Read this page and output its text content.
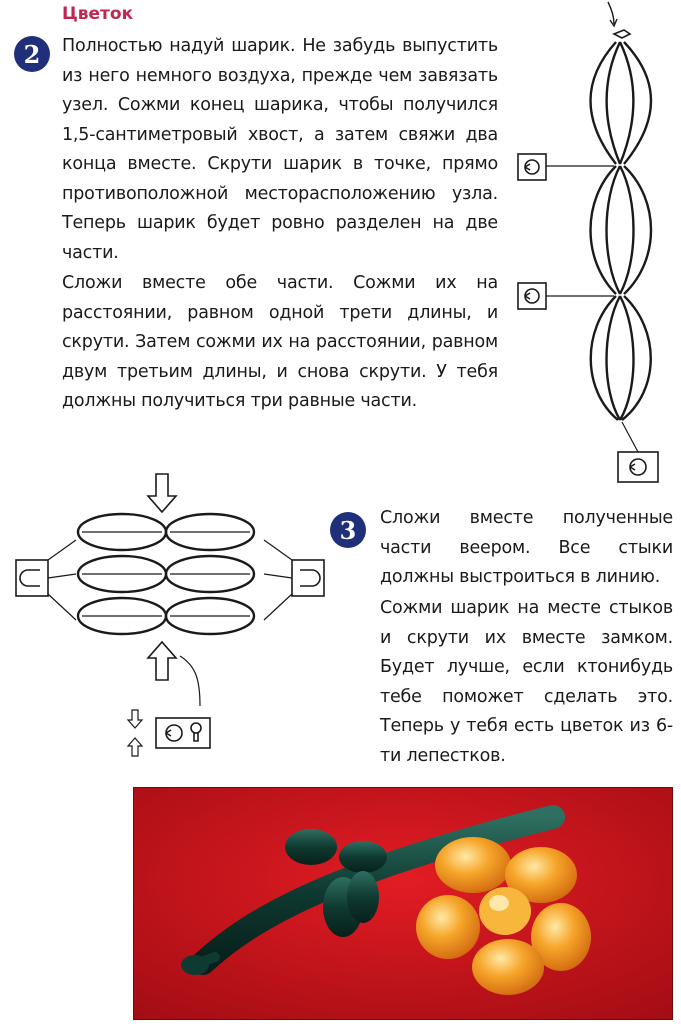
Цветок
2	Полностью надуй шарик. Не забудь выпустить из него немного воздуха, прежде чем завязать узел. Сожми конец шарика, чтобы получился 1,5-сантиметровый хвост, а затем свяжи два конца вместе. Скрути шарик в точке, прямо противоположной месторасположению узла. Теперь шарик будет ровно разделен на две части.

Сложи вместе обе части. Сожми их на расстоянии, равном одной трети длины, и скрути. Затем сожми их на расстоянии, равном двум третьим длины, и снова скрути. У тебя должны получиться три равные части.

3	Сложи вместе полученные части веером. Все стыки должны выстроиться в линию.

Сожми шарик на месте стыков и скрути их вместе замком. Будет лучше, если ктонибудь тебе поможет сделать это. Теперь у тебя есть цветок из 6-ти лепестков.
